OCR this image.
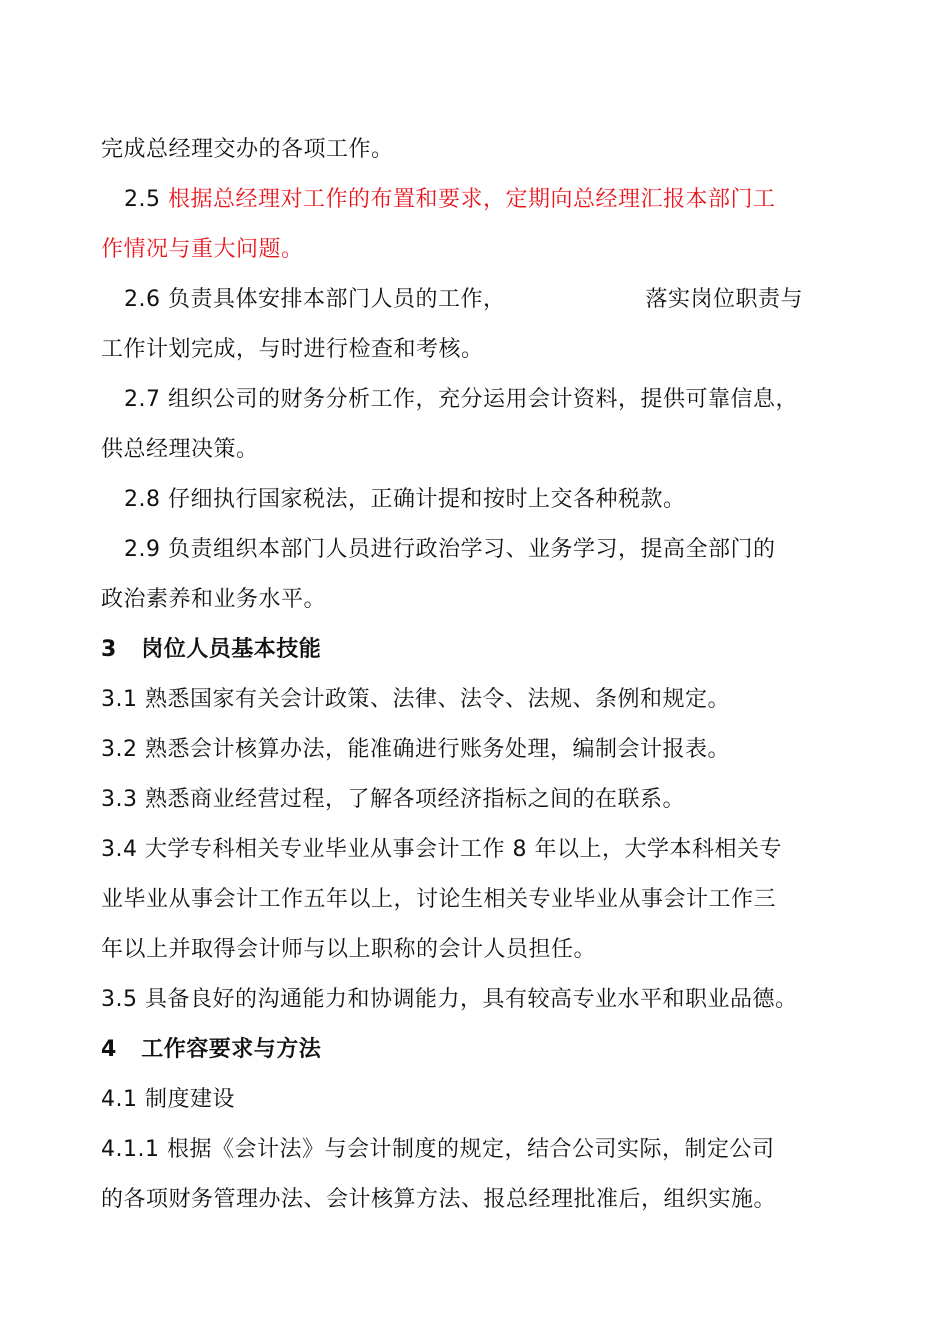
完成总经理交办的各项工作。
2.5 根据总经理对工作的布置和要求，定期向总经理汇报本部门工
作情况与重大问题。
2.6 负责具体安排本部门人员的工作，	落实岗位职责与
工作计划完成，与时进行检查和考核。
2.7 组织公司的财务分析工作，充分运用会计资料，提供可靠信息，
供总经理决策。
2.8 仔细执行国家税法，正确计提和按时上交各种税款。
2.9 负责组织本部门人员进行政治学习、业务学习，提高全部门的
政治素养和业务水平。
3   岗位人员基本技能
3.1 熟悉国家有关会计政策、法律、法令、法规、条例和规定。
3.2 熟悉会计核算办法，能准确进行账务处理，编制会计报表。
3.3 熟悉商业经营过程，了解各项经济指标之间的在联系。
3.4 大学专科相关专业毕业从事会计工作 8 年以上，大学本科相关专
业毕业从事会计工作五年以上，讨论生相关专业毕业从事会计工作三
年以上并取得会计师与以上职称的会计人员担任。
3.5 具备良好的沟通能力和协调能力，具有较高专业水平和职业品德。
4   工作容要求与方法
4.1 制度建设
4.1.1 根据《会计法》与会计制度的规定，结合公司实际，制定公司
的各项财务管理办法、会计核算方法、报总经理批准后，组织实施。
